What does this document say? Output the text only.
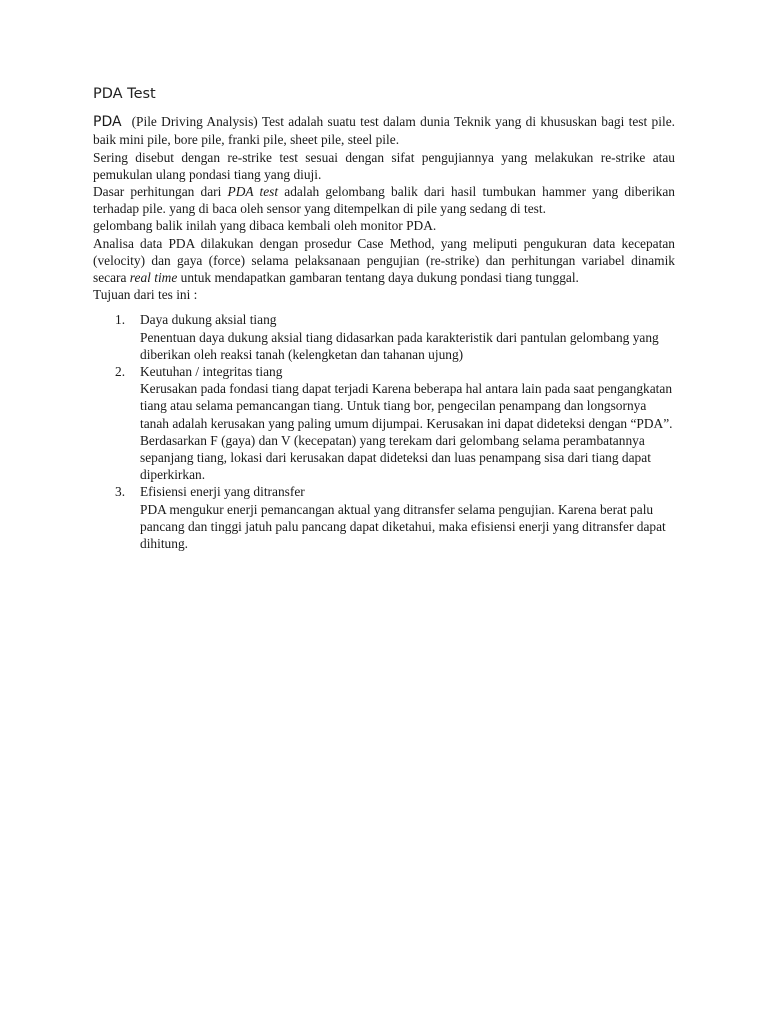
PDA Test

PDA (Pile Driving Analysis) Test adalah suatu test dalam dunia Teknik yang di khususkan bagi test pile. baik mini pile, bore pile, franki pile, sheet pile, steel pile.

Sering disebut dengan re-strike test sesuai dengan sifat pengujiannya yang melakukan re-strike atau pemukulan ulang pondasi tiang yang diuji.

Dasar perhitungan dari PDA test adalah gelombang balik dari hasil tumbukan hammer yang diberikan terhadap pile. yang di baca oleh sensor yang ditempelkan di pile yang sedang di test.

gelombang balik inilah yang dibaca kembali oleh monitor PDA.

Analisa data PDA dilakukan dengan prosedur Case Method, yang meliputi pengukuran data kecepatan (velocity) dan gaya (force) selama pelaksanaan pengujian (re-strike) dan perhitungan variabel dinamik secara real time untuk mendapatkan gambaran tentang daya dukung pondasi tiang tunggal.

Tujuan dari tes ini :

1. Daya dukung aksial tiang
Penentuan daya dukung aksial tiang didasarkan pada karakteristik dari pantulan gelombang yang diberikan oleh reaksi tanah (kelengketan dan tahanan ujung)
2. Keutuhan / integritas tiang
Kerusakan pada fondasi tiang dapat terjadi Karena beberapa hal antara lain pada saat pengangkatan tiang atau selama pemancangan tiang. Untuk tiang bor, pengecilan penampang dan longsornya tanah adalah kerusakan yang paling umum dijumpai. Kerusakan ini dapat dideteksi dengan “PDA”. Berdasarkan F (gaya) dan V (kecepatan) yang terekam dari gelombang selama perambatannya sepanjang tiang, lokasi dari kerusakan dapat dideteksi dan luas penampang sisa dari tiang dapat diperkirkan.
3. Efisiensi enerji yang ditransfer
PDA mengukur enerji pemancangan aktual yang ditransfer selama pengujian. Karena berat palu pancang dan tinggi jatuh palu pancang dapat diketahui, maka efisiensi enerji yang ditransfer dapat dihitung.
